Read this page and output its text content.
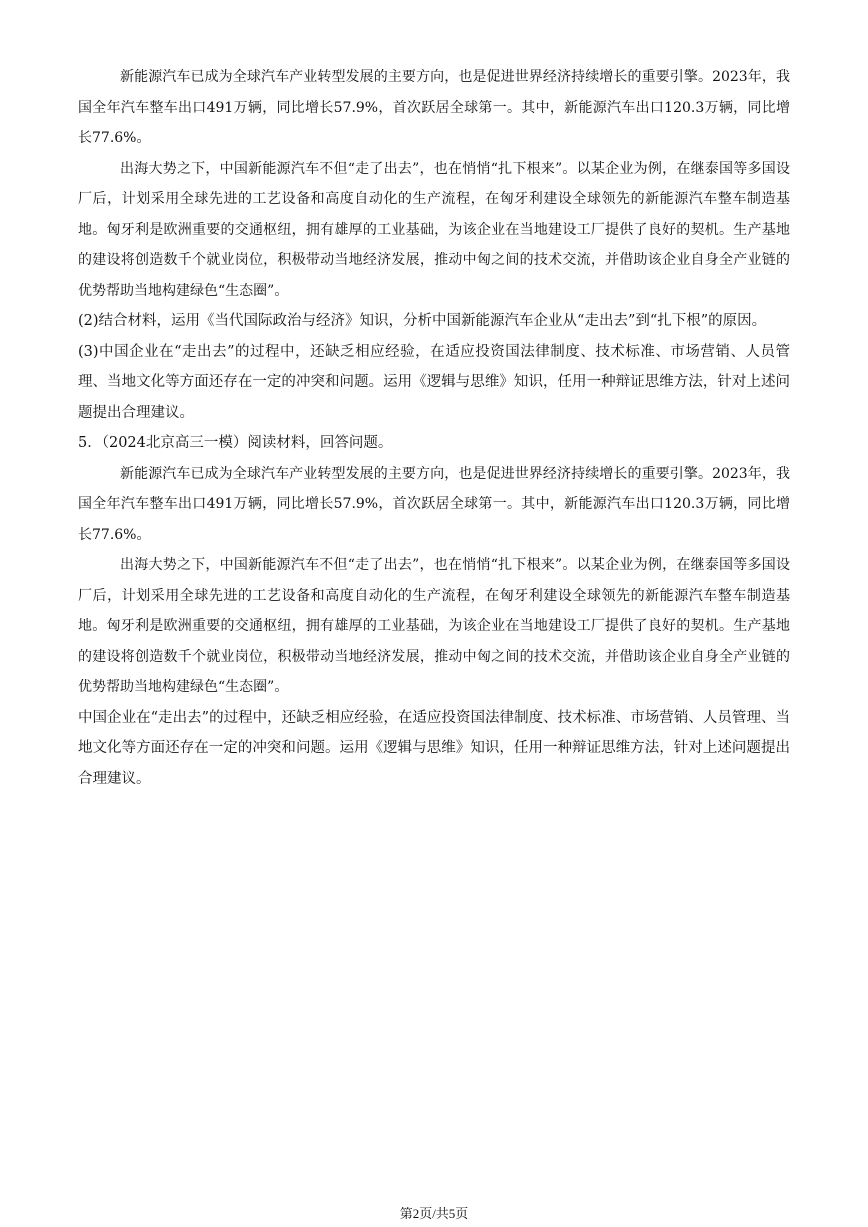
新能源汽车已成为全球汽车产业转型发展的主要方向，也是促进世界经济持续增长的重要引擎。2023年，我国全年汽车整车出口491万辆，同比增长57.9%，首次跃居全球第一。其中，新能源汽车出口120.3万辆，同比增长77.6%。

出海大势之下，中国新能源汽车不但“走了出去”，也在悄悄“扎下根来”。以某企业为例，在继泰国等多国设厂后，计划采用全球先进的工艺设备和高度自动化的生产流程，在匈牙利建设全球领先的新能源汽车整车制造基地。匈牙利是欧洲重要的交通枢纽，拥有雄厚的工业基础，为该企业在当地建设工厂提供了良好的契机。生产基地的建设将创造数千个就业岗位，积极带动当地经济发展，推动中匈之间的技术交流，并借助该企业自身全产业链的优势帮助当地构建绿色“生态圈”。

(2)结合材料，运用《当代国际政治与经济》知识，分析中国新能源汽车企业从“走出去”到“扎下根”的原因。

(3)中国企业在“走出去”的过程中，还缺乏相应经验，在适应投资国法律制度、技术标准、市场营销、人员管理、当地文化等方面还存在一定的冲突和问题。运用《逻辑与思维》知识，任用一种辩证思维方法，针对上述问题提出合理建议。

5．（2024北京高三一模）阅读材料，回答问题。

新能源汽车已成为全球汽车产业转型发展的主要方向，也是促进世界经济持续增长的重要引擎。2023年，我国全年汽车整车出口491万辆，同比增长57.9%，首次跃居全球第一。其中，新能源汽车出口120.3万辆，同比增长77.6%。

出海大势之下，中国新能源汽车不但“走了出去”，也在悄悄“扎下根来”。以某企业为例，在继泰国等多国设厂后，计划采用全球先进的工艺设备和高度自动化的生产流程，在匈牙利建设全球领先的新能源汽车整车制造基地。匈牙利是欧洲重要的交通枢纽，拥有雄厚的工业基础，为该企业在当地建设工厂提供了良好的契机。生产基地的建设将创造数千个就业岗位，积极带动当地经济发展，推动中匈之间的技术交流，并借助该企业自身全产业链的优势帮助当地构建绿色“生态圈”。

中国企业在“走出去”的过程中，还缺乏相应经验，在适应投资国法律制度、技术标准、市场营销、人员管理、当地文化等方面还存在一定的冲突和问题。运用《逻辑与思维》知识，任用一种辩证思维方法，针对上述问题提出合理建议。

第2页/共5页
